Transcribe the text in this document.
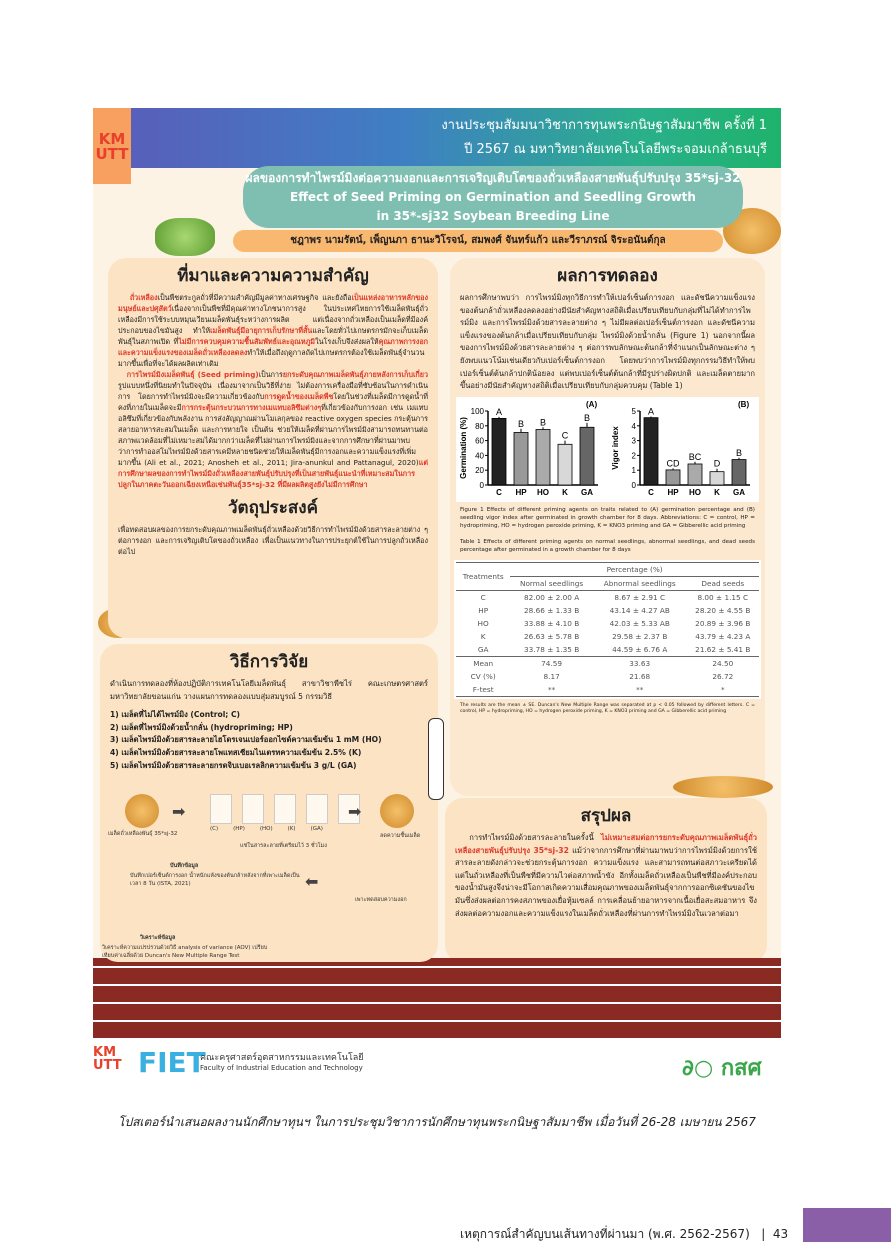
งานประชุมสัมมนาวิชาการทุนพระกนิษฐาสัมมาชีพ ครั้งที่ 1
ปี 2567 ณ มหาวิทยาลัยเทคโนโลยีพระจอมเกล้าธนบุรี
KM
UTT
ผลของการทำไพรม์มิงต่อความงอกและการเจริญเติบโตของถั่วเหลืองสายพันธุ์ปรับปรุง 35*sj-32
Effect of Seed Priming on Germination and Seedling Growth
in 35*-sj32 Soybean Breeding Line
ชฎาพร นามรัตน์, เพ็ญนภา ธานะวิโรจน์, สมพงศ์ จันทร์แก้ว และวีราภรณ์ จิระอนันต์กุล
ที่มาและความความสำคัญ
ถั่วเหลืองเป็นพืชตระกูลถั่วที่มีความสำคัญมีมูลค่าทางเศรษฐกิจ และยังถือเป็นแหล่งอาหารหลักของมนุษย์และปศุสัตว์เนื่องจากเป็นพืชที่มีคุณค่าทางโภชนาการสูง ในประเทศไทยการใช้เมล็ดพันธุ์ถั่วเหลืองมีการใช้ระบบหมุนเวียนเมล็ดพันธุ์ระหว่างการผลิต แต่เนื่องจากถั่วเหลืองเป็นเมล็ดที่มีองค์ประกอบของไขมันสูง ทำให้เมล็ดพันธุ์มีอายุการเก็บรักษาที่สั้นและโดยทั่วไปเกษตรกรมักจะเก็บเมล็ดพันธุ์ในสภาพเปิด ที่ไม่มีการควบคุมความชื้นสัมพัทธ์และอุณหภูมิในโรงเก็บจึงส่งผลให้คุณภาพการงอกและความแข็งแรงของเมล็ดถั่วเหลืองลดลงทำให้เมื่อถึงฤดูกาลถัดไปเกษตรกรต้องใช้เมล็ดพันธุ์จำนวนมากขึ้นเพื่อที่จะได้ผลผลิตเท่าเดิม
การไพรม์มิงเมล็ดพันธุ์ (Seed priming)เป็นการยกระดับคุณภาพเมล็ดพันธุ์ภายหลังการเก็บเกี่ยวรูปแบบหนึ่งที่นิยมทำในปัจจุบัน เนื่องมาจากเป็นวิธีที่ง่าย ไม่ต้องการเครื่องมือที่ซับซ้อนในการดำเนินการ โดยการทำไพรม์มิงจะมีความเกี่ยวข้องกับการดูดน้ำของเมล็ดพืชโดยในช่วงที่เมล็ดมีการดูดน้ำที่คงที่ภายในเมล็ดจะมีการกระตุ้นกระบวนการทางเมแทบอลิซึมต่างๆที่เกี่ยวข้องกับการงอก เช่น เมแทบอลิซึมที่เกี่ยวข้องกับพลังงาน การส่งสัญญาณผ่านโมเลกุลของ reactive oxygen species กระตุ้นการสลายอาหารสะสมในเมล็ด และการหายใจ เป็นต้น ช่วยให้เมล็ดที่ผ่านการไพรม์มิงสามารถทนทานต่อสภาพแวดล้อมที่ไม่เหมาะสมได้มากกว่าเมล็ดที่ไม่ผ่านการไพรม์มิงและจากการศึกษาที่ผ่านมาพบว่าการทำออสโมไพรม์มิงด้วยสารเคมีหลายชนิดช่วยให้เมล็ดพันธุ์มีการงอกและความแข็งแรงที่เพิ่มมากขึ้น (Ali et al., 2021; Anosheh et al., 2011; Jira-anunkul and Pattanagul, 2020)แต่การศึกษาผลของการทำไพรม์มิงถั่วเหลืองสายพันธุ์ปรับปรุงที่เป็นสายพันธุ์แนะนำที่เหมาะสมในการปลูกในภาคตะวันออกเฉียงเหนือเช่นพันธุ์35*sj-32 ที่มีผลผลิตสูงยังไม่มีการศึกษา
วัตถุประสงค์
เพื่อทดสอบผลของการยกระดับคุณภาพเมล็ดพันธุ์ถั่วเหลืองด้วยวิธีการทำไพรม์มิงด้วยสารละลายต่าง ๆ ต่อการงอก และการเจริญเติบโตของถั่วเหลือง เพื่อเป็นแนวทางในการประยุกต์ใช้ในการปลูกถั่วเหลืองต่อไป
วิธีการวิจัย
ดำเนินการทดลองที่ห้องปฏิบัติการเทคโนโลยีเมล็ดพันธุ์ สาขาวิชาพืชไร่ คณะเกษตรศาสตร์ มหาวิทยาลัยขอนแก่น วางแผนการทดลองแบบสุ่มสมบูรณ์ 5 กรรมวิธี
1) เมล็ดที่ไม่ได้ไพรม์มิง (Control; C)
2) เมล็ดที่ไพรม์มิงด้วยน้ำกลั่น (hydropriming; HP)
3) เมล็ดไพรม์มิงด้วยสารละลายไฮโดรเจนเปอร์ออกไซด์ความเข้มข้น 1 mM (HO)
4) เมล็ดไพรม์มิงด้วยสารละลายโพแทสเซียมไนเตรทความเข้มข้น 2.5% (K)
5) เมล็ดไพรม์มิงด้วยสารละลายกรดจิบเบอเรลลิกความเข้มข้น 3 g/L (GA)
เมล็ดถั่วเหลืองพันธุ์ 35*sj-32
➡
(C)	(HP)	(HO)	(K)	(GA)
แช่ในสารละลายที่เตรียมไว้ 3 ชั่วโมง
➡
ลดความชื้นเมล็ด
เพาะทดสอบความงอก
⬅
บันทึกข้อมูล
บันทึกเปอร์เซ็นต์การงอก น้ำหนักแห้งของต้นกล้าหลังจากที่เพาะเมล็ดเป็นเวลา 8 วัน (ISTA, 2021)
วิเคราะห์ข้อมูล
วิเคราะห์ความแปรปรวนด้วยวิธี analysis of variance (AOV) เปรียบเทียบค่าเฉลี่ยด้วย Duncan's New Multiple Range Test
ผลการทดลอง
ผลการศึกษาพบว่า การไพรม์มิงทุกวิธีการทำให้เปอร์เซ็นต์การงอก และดัชนีความแข็งแรงของต้นกล้าถั่วเหลืองลดลงอย่างมีนัยสำคัญทางสถิติเมื่อเปรียบเทียบกับกลุ่มที่ไม่ได้ทำการไพรม์มิง และการไพรม์มิงด้วยสารละลายต่าง ๆ ไม่มีผลต่อเปอร์เซ็นต์การงอก และดัชนีความแข็งแรงของต้นกล้าเมื่อเปรียบเทียบกับกลุ่ม ไพรม์มิงด้วยน้ำกลั่น (Figure 1) นอกจากนี้ผลของการไพรม์มิงด้วยสารละลายต่าง ๆ ต่อการพบลักษณะต้นกล้าที่จำแนกเป็นลักษณะต่าง ๆ ยังพบแนวโน้มเช่นเดียวกับเปอร์เซ็นต์การงอก โดยพบว่าการไพรม์มิงทุกกรรมวิธีทำให้พบเปอร์เซ็นต์ต้นกล้าปกติน้อยลง แต่พบเปอร์เซ็นต์ต้นกล้าที่มีรูปร่างผิดปกติ และเมล็ดตายมากขึ้นอย่างมีนัยสำคัญทางสถิติเมื่อเปรียบเทียบกับกลุ่มควบคุม (Table 1)
0
20
40
60
80
100
Germination (%)
(A)
A
C
B
HP
B
HO
C
K
B
GA
0
1
2
3
4
5
Vigor index
(B)
A
C
CD
HP
BC
HO
D
K
B
GA
Figure 1 Effects of different priming agents on traits related to (A) germination percentage and (B) seedling vigor index after germinated in growth chamber for 8 days. Abbreviations: C = control, HP = hydropriming, HO = hydrogen peroxide priming, K = KNO3 priming and GA = Gibberellic acid priming
Table 1 Effects of different priming agents on normal seedlings, abnormal seedlings, and dead seeds percentage after germinated in a growth chamber for 8 days
Treatments	Percentage (%)		
	Normal seedlings	Abnormal seedlings	Dead seeds
C	82.00 ± 2.00 A	8.67 ± 2.91 C	8.00 ± 1.15 C
HP	28.66 ± 1.33 B	43.14 ± 4.27 AB	28.20 ± 4.55 B
HO	33.88 ± 4.10 B	42.03 ± 5.33 AB	20.89 ± 3.96 B
K	26.63 ± 5.78 B	29.58 ± 2.37 B	43.79 ± 4.23 A
GA	33.78 ± 1.35 B	44.59 ± 6.76 A	21.62 ± 5.41 B
Mean	74.59	33.63	24.50
CV (%)	8.17	21.68	26.72
F-test	**	**	*
The results are the mean ± SE. Duncan's New Multiple Range was separated at p < 0.05 followed by different letters. C = control, HP = hydropriming, HO = hydrogen peroxide priming, K = KNO3 priming and GA = Gibberellic acid priming
สรุปผล
การทำไพรม์มิงด้วยสารละลายในครั้งนี้ ไม่เหมาะสมต่อการยกระดับคุณภาพเมล็ดพันธุ์ถั่วเหลืองสายพันธุ์ปรับปรุง 35*sj-32 แม้ว่าจากการศึกษาที่ผ่านมาพบว่าการไพรม์มิงด้วยการใช้สารละลายดังกล่าวจะช่วยกระตุ้นการงอก ความแข็งแรง และสามารถทนต่อสภาวะเครียดได้ แต่ในถั่วเหลืองที่เป็นพืชที่มีความไวต่อสภาพน้ำขัง อีกทั้งเมล็ดถั่วเหลืองเป็นพืชที่มีองค์ประกอบของน้ำมันสูงจึงน่าจะมีโอกาสเกิดความเสื่อมคุณภาพของเมล็ดพันธุ์จากการออกซิเดชันของไขมันซึ่งส่งผลต่อการคงสภาพของเยื่อหุ้มเซลล์ การเคลื่อนย้ายอาหารจากเนื้อเยื่อสะสมอาหาร จึงส่งผลต่อความงอกและความแข็งแรงในเมล็ดถั่วเหลืองที่ผ่านการทำไพรม์มิงในเวลาต่อมา
KM
UTT FIET
คณะครุศาสตร์อุตสาหกรรมและเทคโนโลยี
Faculty of Industrial Education and Technology	∂○ กสศ
โปสเตอร์นำเสนอผลงานนักศึกษาทุนฯ ในการประชุมวิชาการนักศึกษาทุนพระกนิษฐาสัมมาชีพ เมื่อวันที่ 26-28 เมษายน 2567
เหตุการณ์สำคัญบนเส้นทางที่ผ่านมา (พ.ศ. 2562-2567)   |  43
